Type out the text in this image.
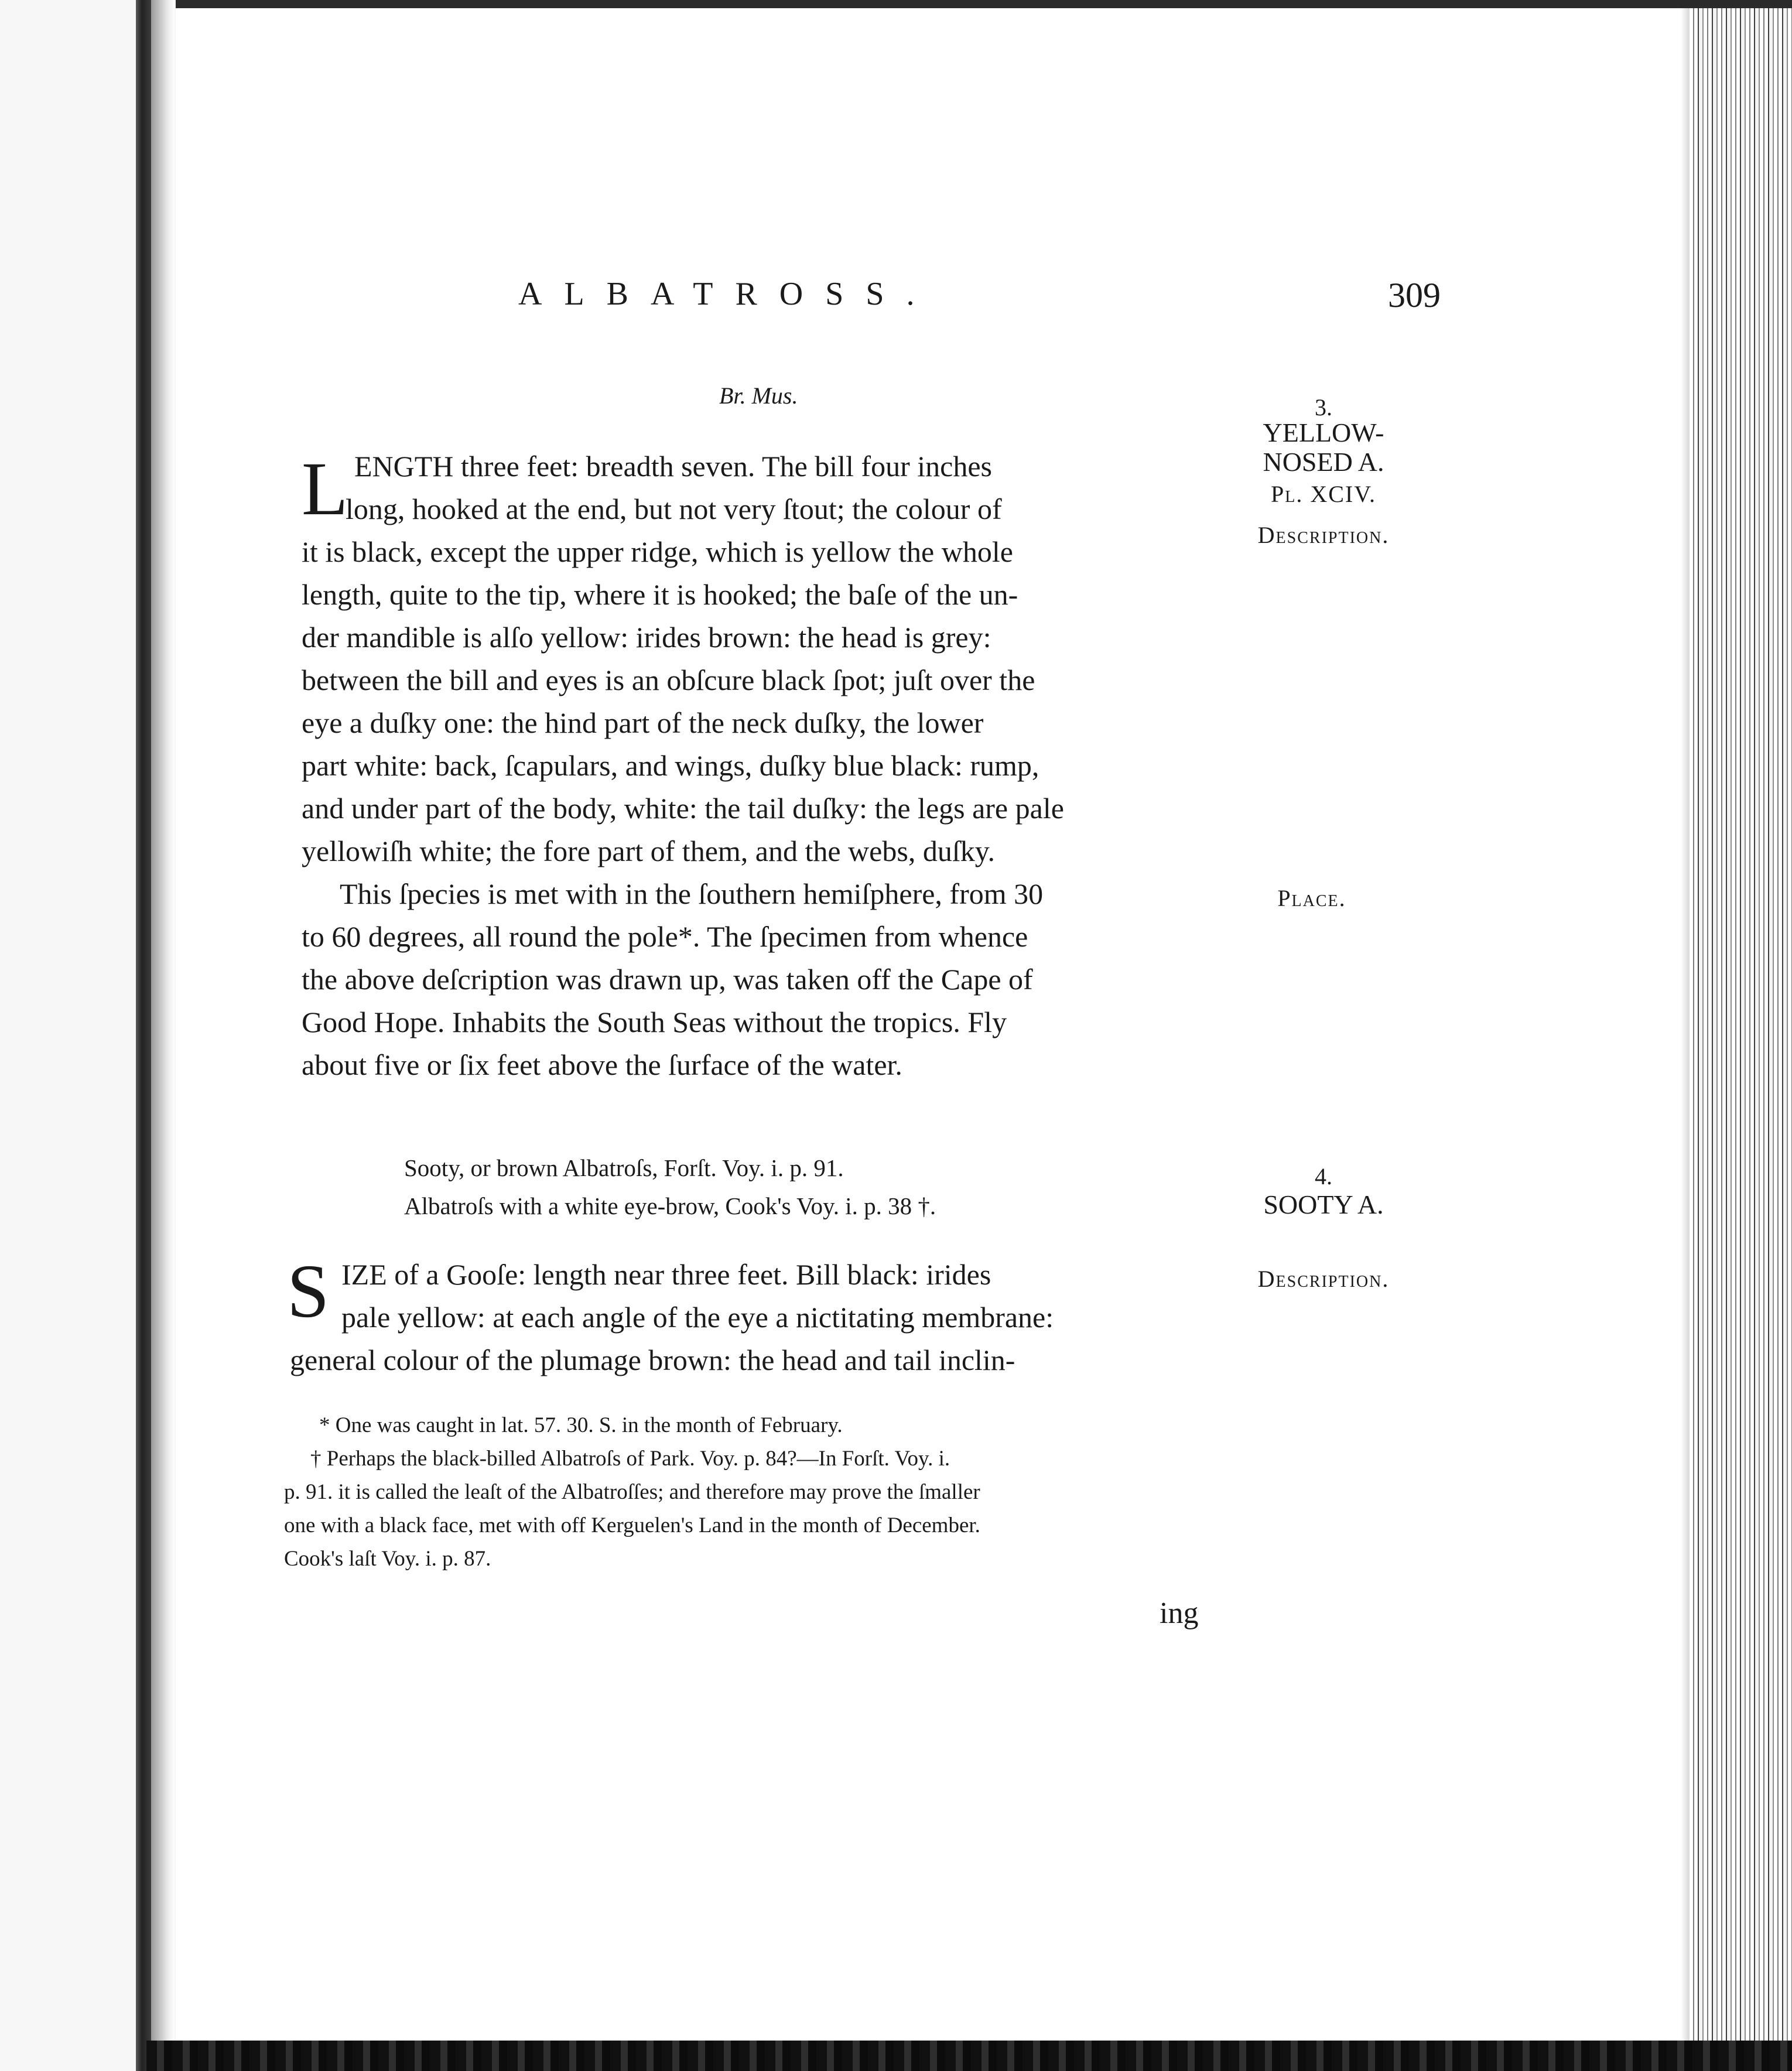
ALBATROSS.	309
Br. Mus.	3.
YELLOW-
NOSED A.
Pl. XCIV.
Description.
Place.
L ENGTH three feet: breadth seven. The bill four inches
long, hooked at the end, but not very ſtout; the colour of
it is black, except the upper ridge, which is yellow the whole
length, quite to the tip, where it is hooked; the baſe of the un-
der mandible is alſo yellow: irides brown: the head is grey:
between the bill and eyes is an obſcure black ſpot; juſt over the
eye a duſky one: the hind part of the neck duſky, the lower
part white: back, ſcapulars, and wings, duſky blue black: rump,
and under part of the body, white: the tail duſky: the legs are pale
yellowiſh white; the fore part of them, and the webs, duſky.
This ſpecies is met with in the ſouthern hemiſphere, from 30
to 60 degrees, all round the pole*. The ſpecimen from whence
the above deſcription was drawn up, was taken off the Cape of
Good Hope. Inhabits the South Seas without the tropics. Fly
about five or ſix feet above the ſurface of the water.
Sooty, or brown Albatroſs, Forſt. Voy. i. p. 91.
Albatroſs with a white eye-brow, Cook's Voy. i. p. 38 †.
4.
SOOTY A.
Description.
S IZE of a Gooſe: length near three feet. Bill black: irides
pale yellow: at each angle of the eye a nictitating membrane:
general colour of the plumage brown: the head and tail inclin-
* One was caught in lat. 57. 30. S. in the month of February.
† Perhaps the black-billed Albatroſs of Park. Voy. p. 84?—In Forſt. Voy. i.
p. 91. it is called the leaſt of the Albatroſſes; and therefore may prove the ſmaller
one with a black face, met with off Kerguelen's Land in the month of December.
Cook's laſt Voy. i. p. 87.
ing
